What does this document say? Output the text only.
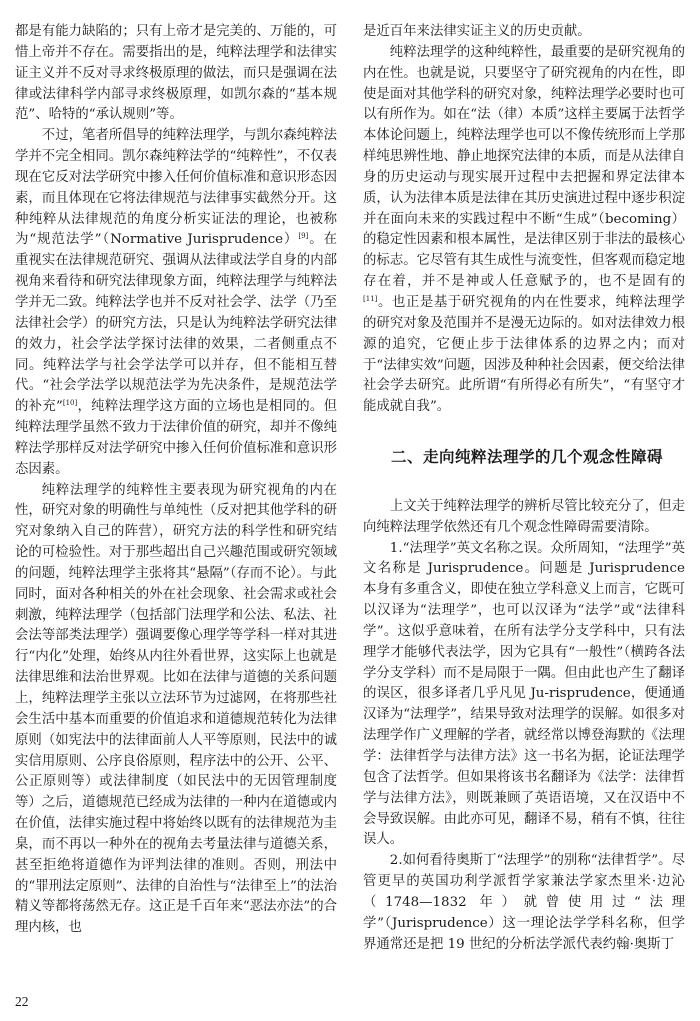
都是有能力缺陷的；只有上帝才是完美的、万能的，可惜上帝并不存在。需要指出的是，纯粹法理学和法律实证主义并不反对寻求终极原理的做法，而只是强调在法律或法律科学内部寻求终极原理，如凯尔森的“基本规范”、哈特的“承认规则”等。

不过，笔者所倡导的纯粹法理学，与凯尔森纯粹法学并不完全相同。凯尔森纯粹法学的“纯粹性”，不仅表现在它反对法学研究中掺入任何价值标准和意识形态因素，而且体现在它将法律规范与法律事实截然分开。这种纯粹从法律规范的角度分析实证法的理论，也被称为“规范法学”（Normative Jurisprudence）[9]。在重视实在法律规范研究、强调从法律或法学自身的内部视角来看待和研究法律现象方面，纯粹法理学与纯粹法学并无二致。纯粹法学也并不反对社会学、法学（乃至法律社会学）的研究方法，只是认为纯粹法学研究法律的效力，社会学法学探讨法律的效果，二者侧重点不同。纯粹法学与社会学法学可以并存，但不能相互替代。“社会学法学以规范法学为先决条件，是规范法学的补充”[10]，纯粹法理学这方面的立场也是相同的。但纯粹法理学虽然不致力于法律价值的研究，却并不像纯粹法学那样反对法学研究中掺入任何价值标准和意识形态因素。

纯粹法理学的纯粹性主要表现为研究视角的内在性，研究对象的明确性与单纯性（反对把其他学科的研究对象纳入自己的阵营），研究方法的科学性和研究结论的可检验性。对于那些超出自己兴趣范围或研究领域的问题，纯粹法理学主张将其“悬隔”（存而不论）。与此同时，面对各种相关的外在社会现象、社会需求或社会刺激，纯粹法理学（包括部门法理学和公法、私法、社会法等部类法理学）强调要像心理学等学科一样对其进行“内化”处理，始终从内往外看世界，这实际上也就是法律思维和法治世界观。比如在法律与道德的关系问题上，纯粹法理学主张以立法环节为过滤网，在将那些社会生活中基本而重要的价值追求和道德规范转化为法律原则（如宪法中的法律面前人人平等原则，民法中的诚实信用原则、公序良俗原则，程序法中的公开、公平、公正原则等）或法律制度（如民法中的无因管理制度等）之后，道德规范已经成为法律的一种内在道德或内在价值，法律实施过程中将始终以既有的法律规范为圭臬，而不再以一种外在的视角去考量法律与道德关系，甚至拒绝将道德作为评判法律的准则。否则，刑法中的“罪刑法定原则”、法律的自治性与“法律至上”的法治精义等都将荡然无存。这正是千百年来“恶法亦法”的合理内核，也

是近百年来法律实证主义的历史贡献。

纯粹法理学的这种纯粹性，最重要的是研究视角的内在性。也就是说，只要坚守了研究视角的内在性，即使是面对其他学科的研究对象，纯粹法理学必要时也可以有所作为。如在“法（律）本质”这样主要属于法哲学本体论问题上，纯粹法理学也可以不像传统形而上学那样纯思辨性地、静止地探究法律的本质，而是从法律自身的历史运动与现实展开过程中去把握和界定法律本质，认为法律本质是法律在其历史演进过程中逐步积淀并在面向未来的实践过程中不断“生成”（becoming）的稳定性因素和根本属性，是法律区别于非法的最核心的标志。它尽管有其生成性与流变性，但客观而稳定地存在着，并不是神或人任意赋予的，也不是固有的[11]。也正是基于研究视角的内在性要求，纯粹法理学的研究对象及范围并不是漫无边际的。如对法律效力根源的追究，它便止步于法律体系的边界之内；而对于“法律实效”问题，因涉及种种社会因素，便交给法律社会学去研究。此所谓“有所得必有所失”，“有坚守才能成就自我”。

二、走向纯粹法理学的几个观念性障碍

上文关于纯粹法理学的辨析尽管比较充分了，但走向纯粹法理学依然还有几个观念性障碍需要清除。

1.“法理学”英文名称之误。众所周知，“法理学”英文名称是 Jurisprudence。问题是 Jurisprudence 本身有多重含义，即使在独立学科意义上而言，它既可以汉译为“法理学”，也可以汉译为“法学”或“法律科学”。这似乎意味着，在所有法学分支学科中，只有法理学才能够代表法学，因为它具有“一般性”（横跨各法学分支学科）而不是局限于一隅。但由此也产生了翻译的误区，很多译者几乎凡见 Ju-risprudence，便通通汉译为“法理学”，结果导致对法理学的误解。如很多对法理学作广义理解的学者，就经常以博登海默的《法理学：法律哲学与法律方法》这一书名为据，论证法理学包含了法哲学。但如果将该书名翻译为《法学：法律哲学与法律方法》，则既兼顾了英语语境，又在汉语中不会导致误解。由此亦可见，翻译不易，稍有不慎，往往误人。

2.如何看待奥斯丁“法理学”的别称“法律哲学”。尽管更早的英国功利学派哲学家兼法学家杰里米·边沁（1748—1832 年）就曾使用过“法理学”（Jurisprudence）这一理论法学学科名称，但学界通常还是把 19 世纪的分析法学派代表约翰·奥斯丁

22
